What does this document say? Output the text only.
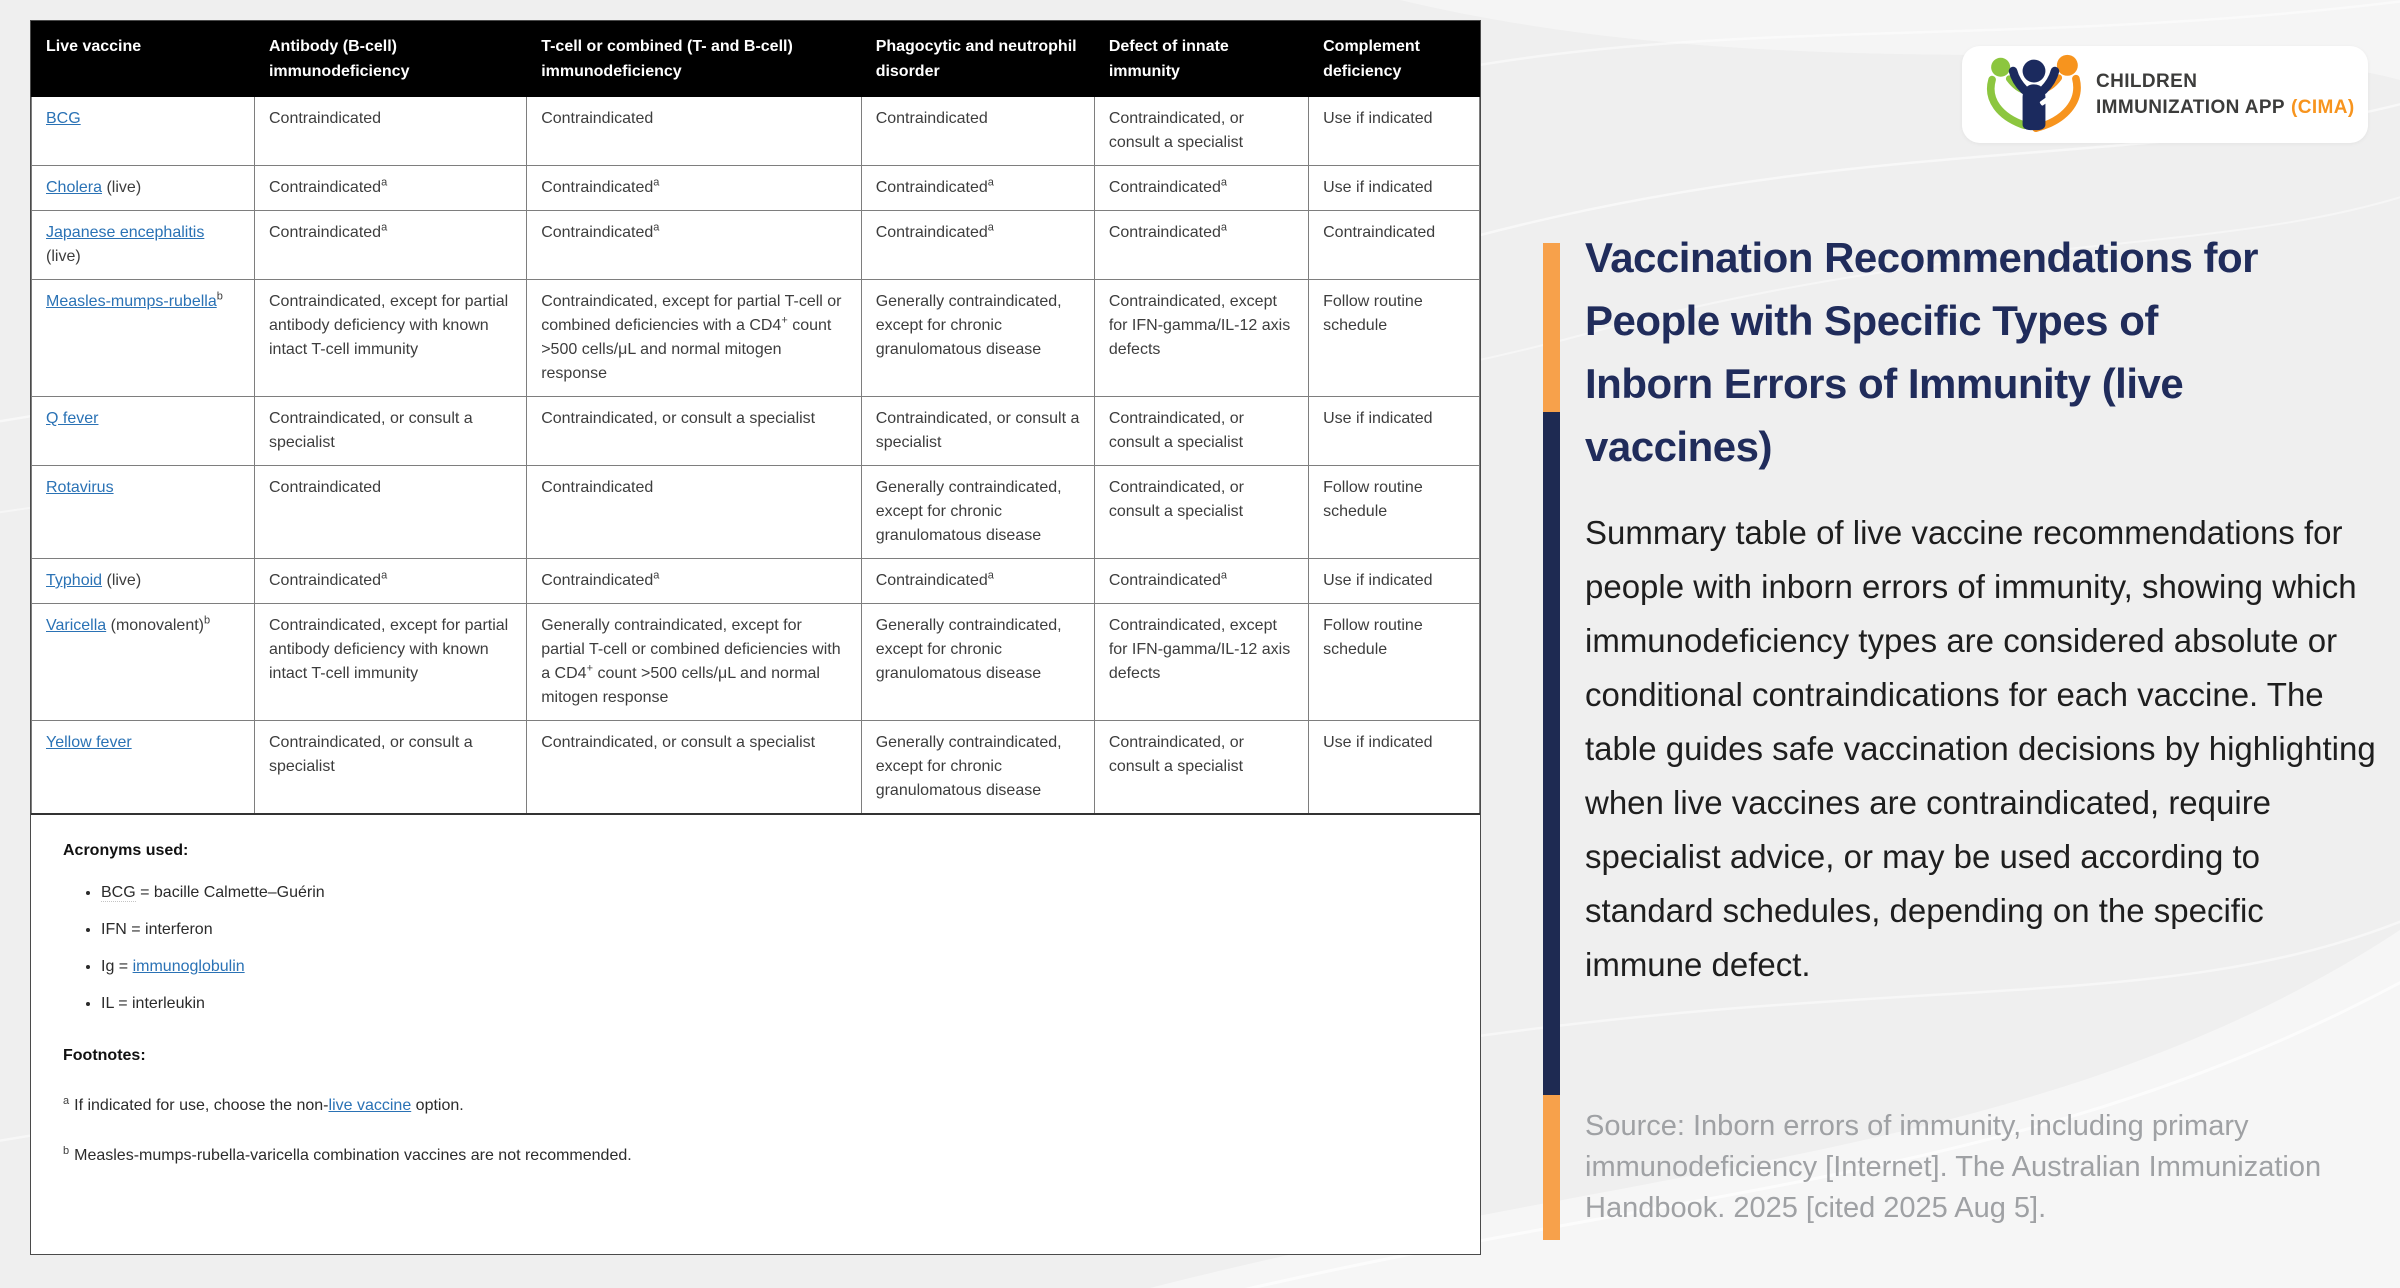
Live vaccine	Antibody (B-cell) immunodeficiency	T-cell or combined (T- and B-cell) immunodeficiency	Phagocytic and neutrophil disorder	Defect of innate immunity	Complement deficiency
BCG	Contraindicated	Contraindicated	Contraindicated	Contraindicated, or consult a specialist	Use if indicated
Cholera (live)	Contraindicated$^a$	Contraindicated$^a$	Contraindicated$^a$	Contraindicated$^a$	Use if indicated
Japanese encephalitis (live)	Contraindicated$^a$	Contraindicated$^a$	Contraindicated$^a$	Contraindicated$^a$	Contraindicated
Measles-mumps-rubella$^b$	Contraindicated, except for partial antibody deficiency with known intact T-cell immunity	Contraindicated, except for partial T-cell or combined deficiencies with a CD4+ count >500 cells/μL and normal mitogen response	Generally contraindicated, except for chronic granulomatous disease	Contraindicated, except for IFN-gamma/IL-12 axis defects	Follow routine schedule
Q fever	Contraindicated, or consult a specialist	Contraindicated, or consult a specialist	Contraindicated, or consult a specialist	Contraindicated, or consult a specialist	Use if indicated
Rotavirus	Contraindicated	Contraindicated	Generally contraindicated, except for chronic granulomatous disease	Contraindicated, or consult a specialist	Follow routine schedule
Typhoid (live)	Contraindicated$^a$	Contraindicated$^a$	Contraindicated$^a$	Contraindicated$^a$	Use if indicated
Varicella (monovalent)$^b$	Contraindicated, except for partial antibody deficiency with known intact T-cell immunity	Generally contraindicated, except for partial T-cell or combined deficiencies with a CD4+ count >500 cells/μL and normal mitogen response	Generally contraindicated, except for chronic granulomatous disease	Contraindicated, except for IFN-gamma/IL-12 axis defects	Follow routine schedule
Yellow fever	Contraindicated, or consult a specialist	Contraindicated, or consult a specialist	Generally contraindicated, except for chronic granulomatous disease	Contraindicated, or consult a specialist	Use if indicated
Acronyms used:
• BCG = bacille Calmette–Guérin
• IFN = interferon
• Ig = immunoglobulin
• IL = interleukin
Footnotes:
$^a$ If indicated for use, choose the non-live vaccine option.
$^b$ Measles-mumps-rubella-varicella combination vaccines are not recommended.
CHILDREN
IMMUNIZATION APP (CIMA)
Vaccination Recommendations for People with Specific Types of Inborn Errors of Immunity (live vaccines)
Summary table of live vaccine recommendations for people with inborn errors of immunity, showing which immunodeficiency types are considered absolute or conditional contraindications for each vaccine. The table guides safe vaccination decisions by highlighting when live vaccines are contraindicated, require specialist advice, or may be used according to standard schedules, depending on the specific immune defect.
Source: Inborn errors of immunity, including primary immunodeficiency [Internet]. The Australian Immunization Handbook. 2025 [cited 2025 Aug 5].
